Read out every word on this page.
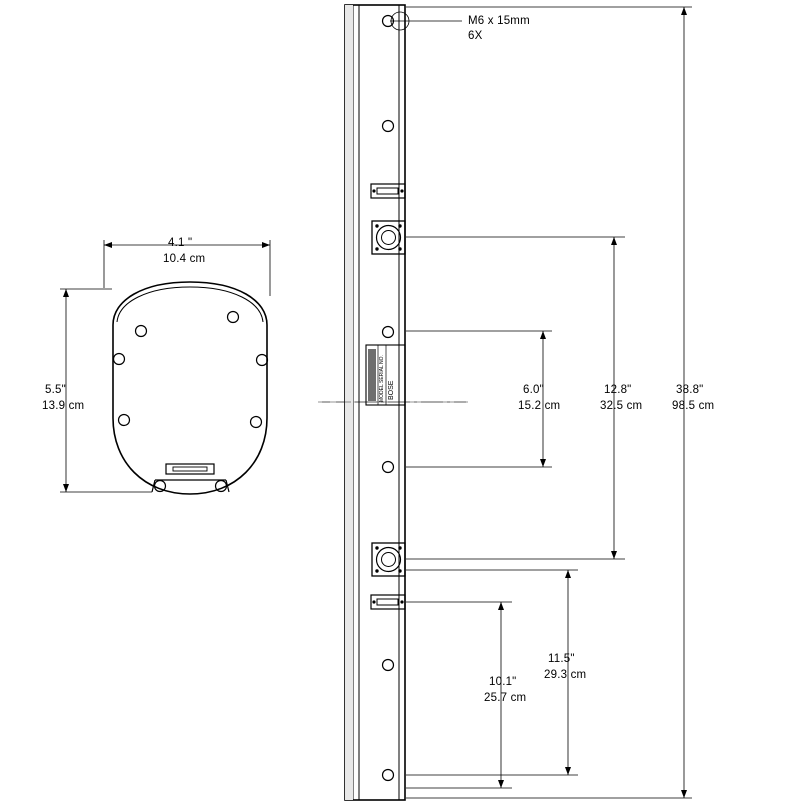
BOSE
MODEL SERIAL NO.
M6 x 15mm
6X
4.1 "
10.4 cm
5.5"
13.9 cm
6.0"
15.2 cm
12.8"
32.5 cm
38.8"
98.5 cm
11.5"
29.3 cm
10.1"
25.7 cm
